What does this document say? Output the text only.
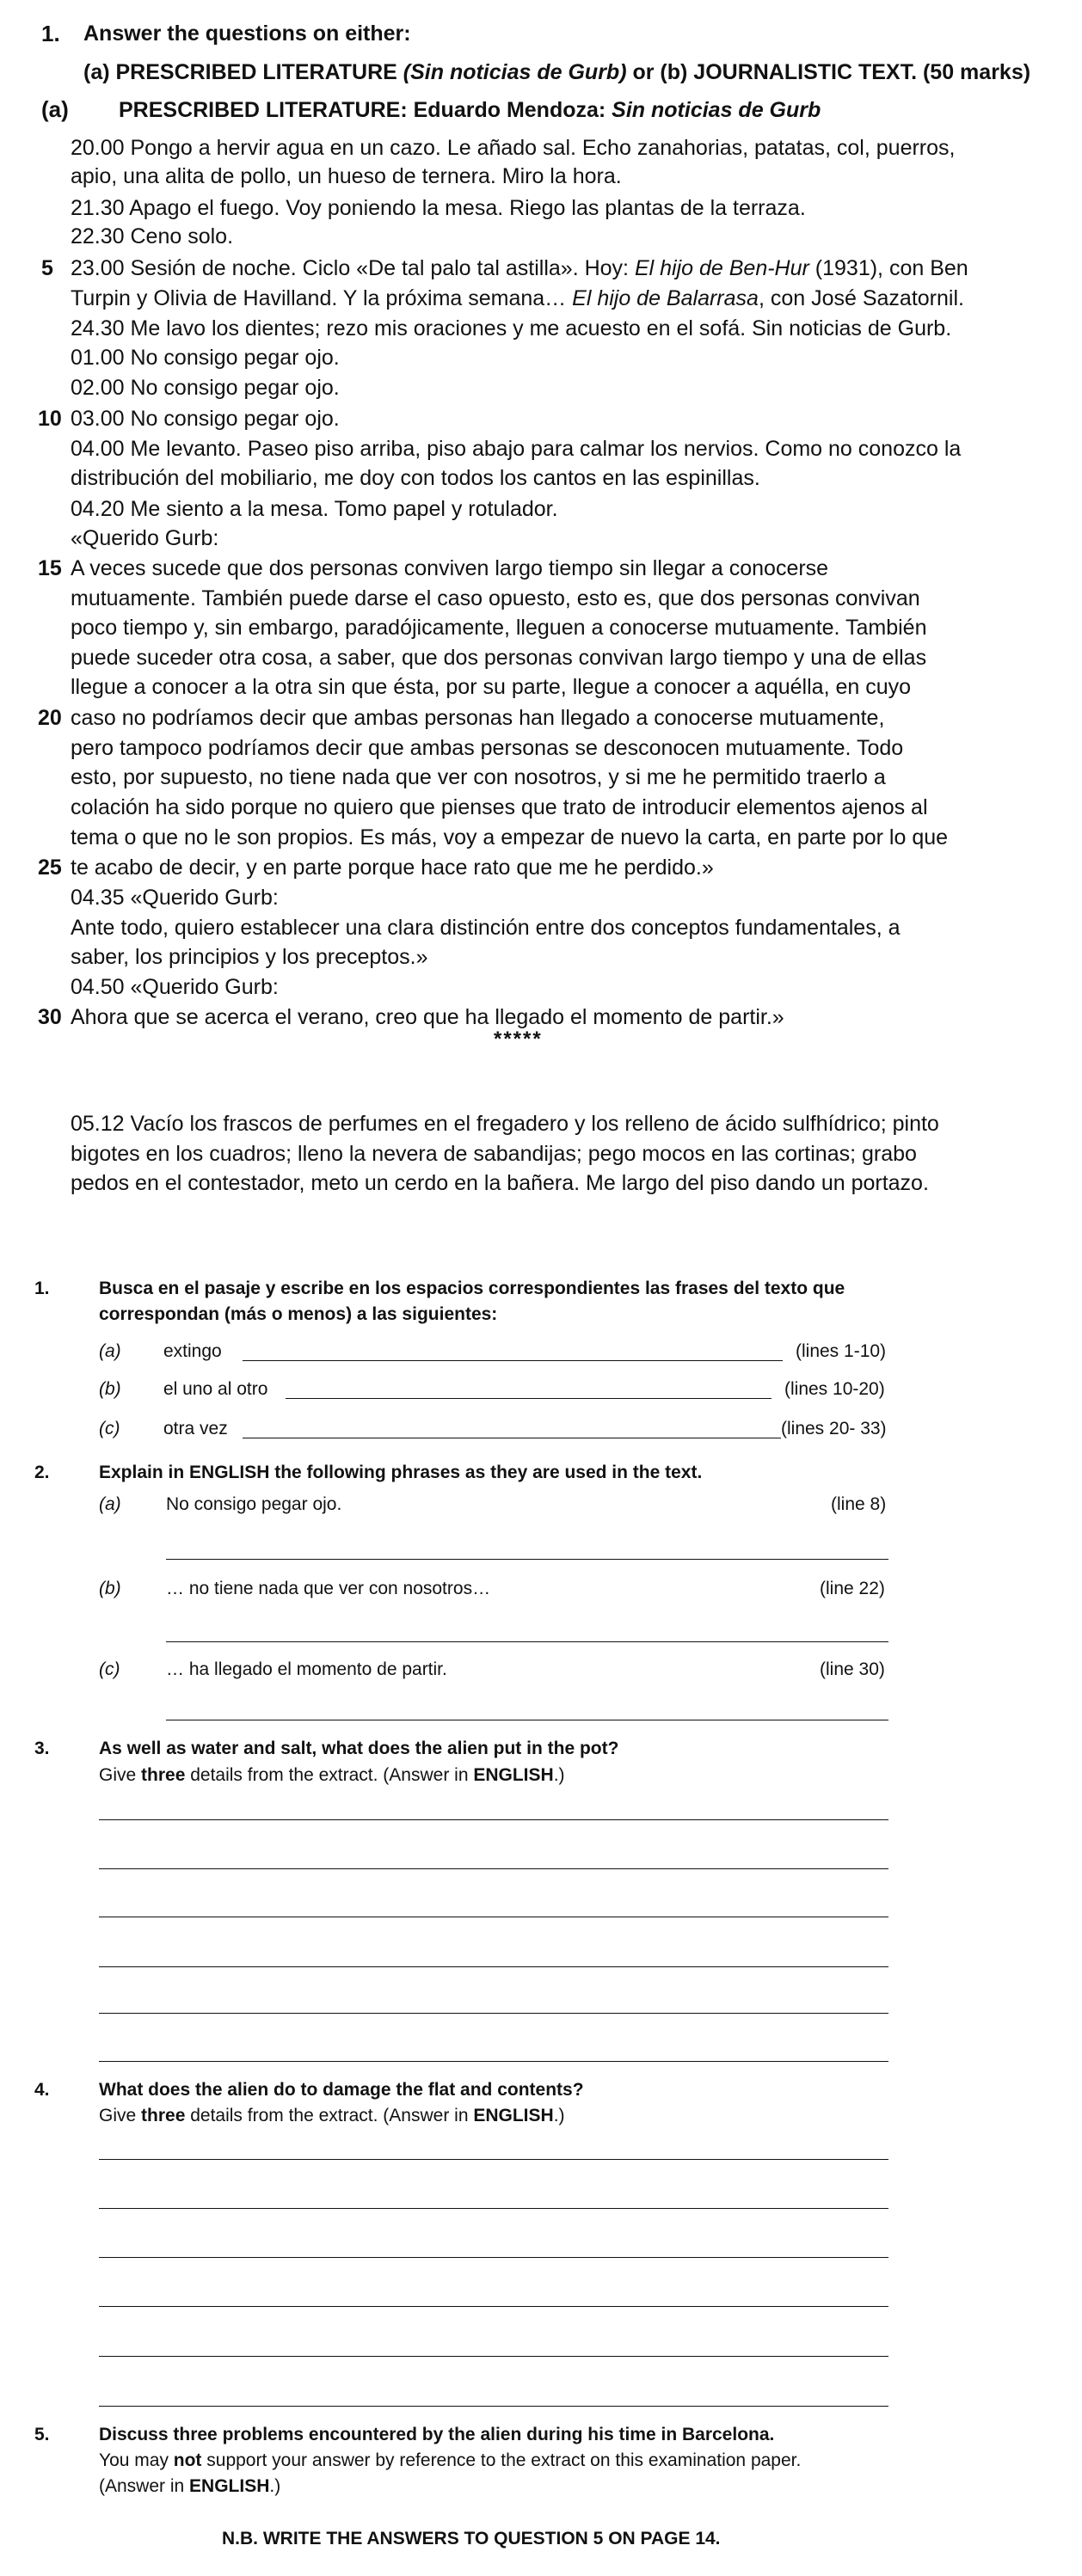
1. Answer the questions on either:
(a) PRESCRIBED LITERATURE (Sin noticias de Gurb) or (b) JOURNALISTIC TEXT. (50 marks)
(a) PRESCRIBED LITERATURE: Eduardo Mendoza: Sin noticias de Gurb
20.00 Pongo a hervir agua en un cazo. Le añado sal. Echo zanahorias, patatas, col, puerros,
apio, una alita de pollo, un hueso de ternera. Miro la hora.
21.30 Apago el fuego. Voy poniendo la mesa. Riego las plantas de la terraza.
22.30 Ceno solo.
5 23.00 Sesión de noche. Ciclo «De tal palo tal astilla». Hoy: El hijo de Ben-Hur (1931), con Ben
Turpin y Olivia de Havilland. Y la próxima semana… El hijo de Balarrasa, con José Sazatornil.
24.30 Me lavo los dientes; rezo mis oraciones y me acuesto en el sofá. Sin noticias de Gurb.
01.00 No consigo pegar ojo.
02.00 No consigo pegar ojo.
10 03.00 No consigo pegar ojo.
04.00 Me levanto. Paseo piso arriba, piso abajo para calmar los nervios. Como no conozco la
distribución del mobiliario, me doy con todos los cantos en las espinillas.
04.20 Me siento a la mesa. Tomo papel y rotulador.
«Querido Gurb:
15 A veces sucede que dos personas conviven largo tiempo sin llegar a conocerse
mutuamente. También puede darse el caso opuesto, esto es, que dos personas convivan
poco tiempo y, sin embargo, paradójicamente, lleguen a conocerse mutuamente. También
puede suceder otra cosa, a saber, que dos personas convivan largo tiempo y una de ellas
llegue a conocer a la otra sin que ésta, por su parte, llegue a conocer a aquélla, en cuyo
20 caso no podríamos decir que ambas personas han llegado a conocerse mutuamente,
pero tampoco podríamos decir que ambas personas se desconocen mutuamente. Todo
esto, por supuesto, no tiene nada que ver con nosotros, y si me he permitido traerlo a
colación ha sido porque no quiero que pienses que trato de introducir elementos ajenos al
tema o que no le son propios. Es más, voy a empezar de nuevo la carta, en parte por lo que
25 te acabo de decir, y en parte porque hace rato que me he perdido.»
04.35 «Querido Gurb:
Ante todo, quiero establecer una clara distinción entre dos conceptos fundamentales, a
saber, los principios y los preceptos.»
04.50 «Querido Gurb:
30 Ahora que se acerca el verano, creo que ha llegado el momento de partir.»
*****
05.12 Vacío los frascos de perfumes en el fregadero y los relleno de ácido sulfhídrico; pinto
bigotes en los cuadros; lleno la nevera de sabandijas; pego mocos en las cortinas; grabo
pedos en el contestador, meto un cerdo en la bañera. Me largo del piso dando un portazo.
1.	Busca en el pasaje y escribe en los espacios correspondientes las frases del texto que
correspondan (más o menos) a las siguientes:
(a) extingo	(lines 1-10)
(b) el uno al otro	(lines 10-20)
(c) otra vez	(lines 20- 33)
2.	Explain in ENGLISH the following phrases as they are used in the text.
(a) No consigo pegar ojo.	(line 8)
(b) … no tiene nada que ver con nosotros…	(line 22)
(c)	… ha llegado el momento de partir.	(line 30)
3.	As well as water and salt, what does the alien put in the pot?
Give three details from the extract. (Answer in ENGLISH.)
4.	What does the alien do to damage the flat and contents?
Give three details from the extract. (Answer in ENGLISH.)
5.	Discuss three problems encountered by the alien during his time in Barcelona.
You may not support your answer by reference to the extract on this examination paper.
(Answer in ENGLISH.)
N.B. WRITE THE ANSWERS TO QUESTION 5 ON PAGE 14.
